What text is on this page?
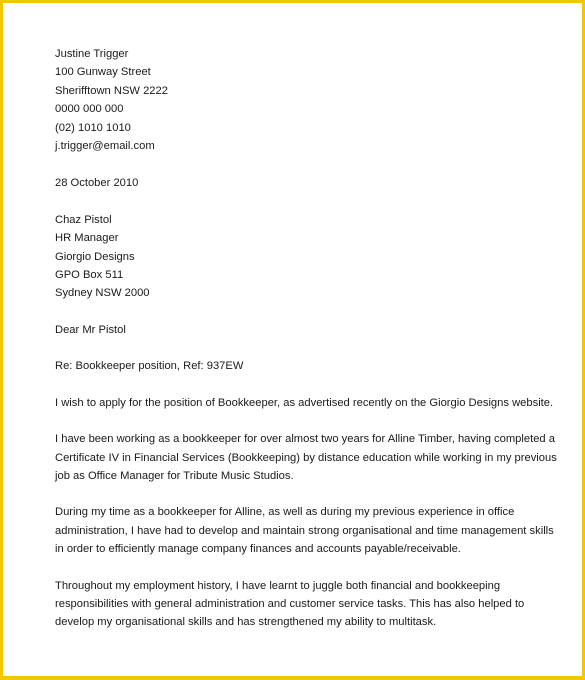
Justine Trigger
100 Gunway Street
Sherifftown NSW 2222
0000 000 000
(02) 1010 1010
j.trigger@email.com
28 October 2010
Chaz Pistol
HR Manager
Giorgio Designs
GPO Box 511
Sydney NSW 2000
Dear Mr Pistol
Re: Bookkeeper position, Ref: 937EW

I wish to apply for the position of Bookkeeper, as advertised recently on the Giorgio Designs website.

I have been working as a bookkeeper for over almost two years for Alline Timber, having completed a
Certificate IV in Financial Services (Bookkeeping) by distance education while working in my previous
job as Office Manager for Tribute Music Studios.

During my time as a bookkeeper for Alline, as well as during my previous experience in office
administration, I have had to develop and maintain strong organisational and time management skills
in order to efficiently manage company finances and accounts payable/receivable.

Throughout my employment history, I have learnt to juggle both financial and bookkeeping
responsibilities with general administration and customer service tasks. This has also helped to
develop my organisational skills and has strengthened my ability to multitask.
